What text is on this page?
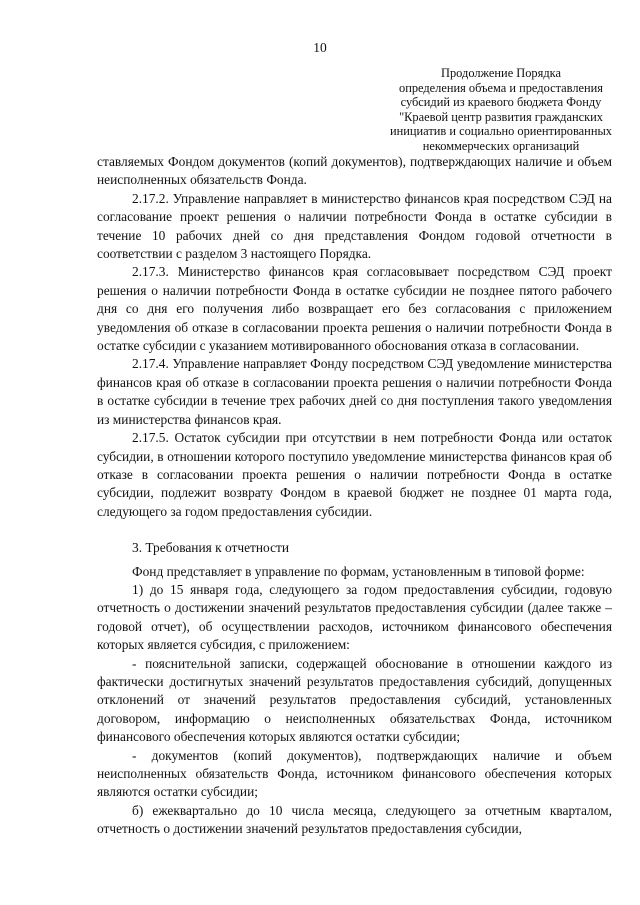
10
Продолжение Порядка
определения объема и предоставления
субсидий из краевого бюджета Фонду
"Краевой центр развития гражданских
инициатив и социально ориентированных
некоммерческих организаций

ставляемых Фондом документов (копий документов), подтверждающих наличие и объем неисполненных обязательств Фонда.

2.17.2. Управление направляет в министерство финансов края посредством СЭД на согласование проект решения о наличии потребности Фонда в остатке субсидии в течение 10 рабочих дней со дня представления Фондом годовой отчетности в соответствии с разделом 3 настоящего Порядка.

2.17.3. Министерство финансов края согласовывает посредством СЭД проект решения о наличии потребности Фонда в остатке субсидии не позднее пятого рабочего дня со дня его получения либо возвращает его без согласования с приложением уведомления об отказе в согласовании проекта решения о наличии потребности Фонда в остатке субсидии с указанием мотивированного обоснования отказа в согласовании.

2.17.4. Управление направляет Фонду посредством СЭД уведомление министерства финансов края об отказе в согласовании проекта решения о наличии потребности Фонда в остатке субсидии в течение трех рабочих дней со дня поступления такого уведомления из министерства финансов края.

2.17.5. Остаток субсидии при отсутствии в нем потребности Фонда или остаток субсидии, в отношении которого поступило уведомление министерства финансов края об отказе в согласовании проекта решения о наличии потребности Фонда в остатке субсидии, подлежит возврату Фондом в краевой бюджет не позднее 01 марта года, следующего за годом предоставления субсидии.

3. Требования к отчетности

Фонд представляет в управление по формам, установленным в типовой форме:

1) до 15 января года, следующего за годом предоставления субсидии, годовую отчетность о достижении значений результатов предоставления субсидии (далее также – годовой отчет), об осуществлении расходов, источником финансового обеспечения которых является субсидия, с приложением:

- пояснительной записки, содержащей обоснование в отношении каждого из фактически достигнутых значений результатов предоставления субсидий, допущенных отклонений от значений результатов предоставления субсидий, установленных договором, информацию о неисполненных обязательствах Фонда, источником финансового обеспечения которых являются остатки субсидии;

- документов (копий документов), подтверждающих наличие и объем неисполненных обязательств Фонда, источником финансового обеспечения которых являются остатки субсидии;

б) ежеквартально до 10 числа месяца, следующего за отчетным кварталом, отчетность о достижении значений результатов предоставления субсидии,
